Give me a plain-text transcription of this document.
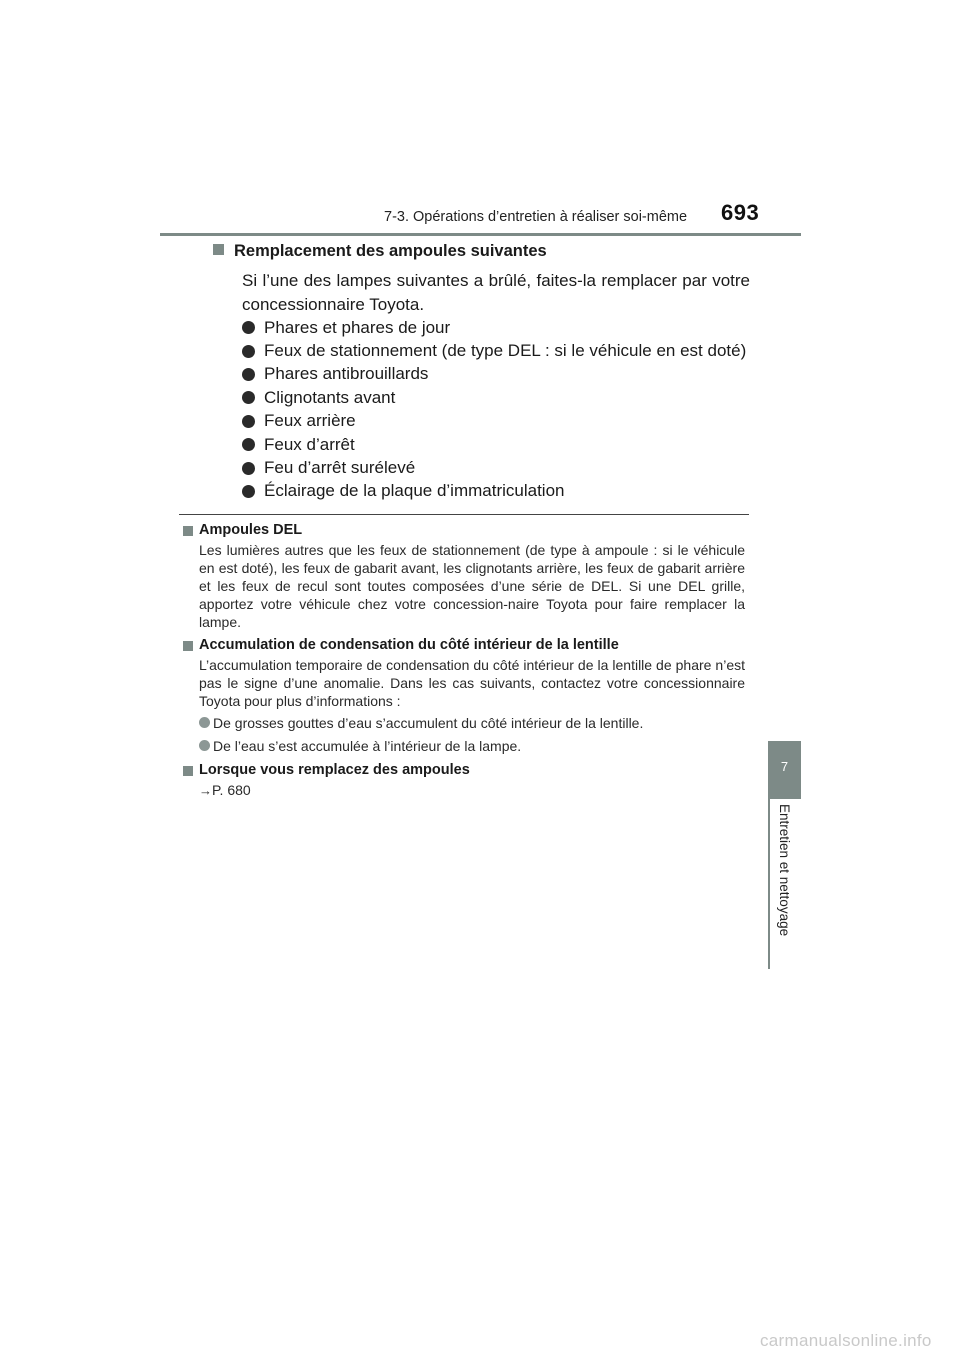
7-3. Opérations d’entretien à réaliser soi-même 693
7
Entretien et nettoyage
Remplacement des ampoules suivantes
Si l’une des lampes suivantes a brûlé, faites-la remplacer par votre concessionnaire Toyota.
Phares et phares de jour
Feux de stationnement (de type DEL : si le véhicule en est doté)
Phares antibrouillards
Clignotants avant
Feux arrière
Feux d’arrêt
Feu d’arrêt surélevé
Éclairage de la plaque d’immatriculation
Ampoules DEL

Les lumières autres que les feux de stationnement (de type à ampoule : si le véhicule en est doté), les feux de gabarit avant, les clignotants arrière, les feux de gabarit arrière et les feux de recul sont toutes composées d’une série de DEL. Si une DEL grille, apportez votre véhicule chez votre concession-naire Toyota pour faire remplacer la lampe.

Accumulation de condensation du côté intérieur de la lentille

L’accumulation temporaire de condensation du côté intérieur de la lentille de phare n’est pas le signe d’une anomalie. Dans les cas suivants, contactez votre concessionnaire Toyota pour plus d’informations :

De grosses gouttes d’eau s’accumulent du côté intérieur de la lentille.
De l’eau s’est accumulée à l’intérieur de la lampe.
Lorsque vous remplacez des ampoules
→P. 680
carmanualsonline.info
